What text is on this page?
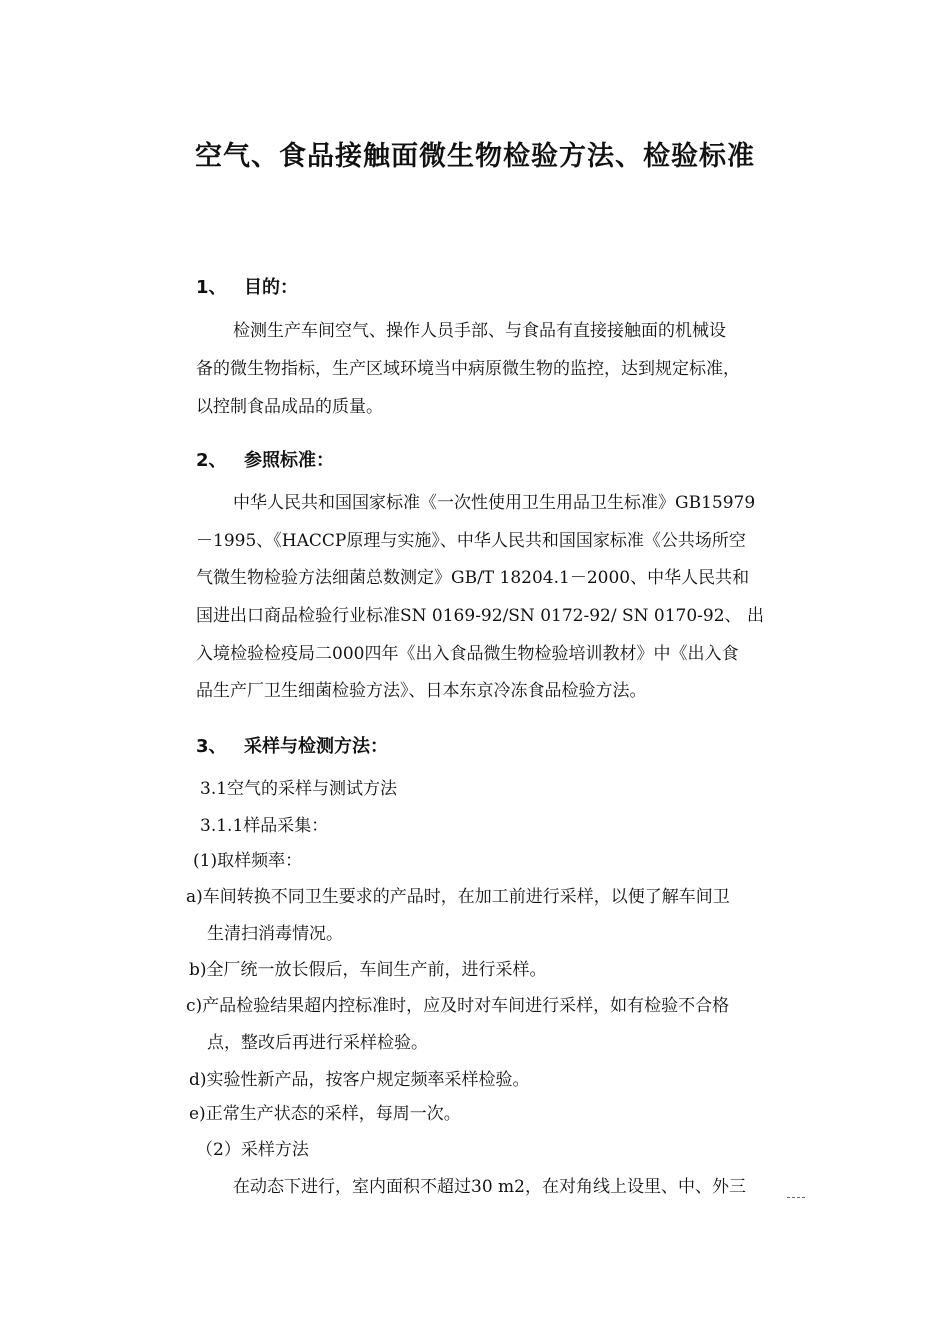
空气、食品接触面微生物检验方法、检验标准
1、 目的：
检测生产车间空气、操作人员手部、与食品有直接接触面的机械设
备的微生物指标，生产区域环境当中病原微生物的监控，达到规定标准，
以控制食品成品的质量。
2、 参照标准：
中华人民共和国国家标准《一次性使用卫生用品卫生标准》GB15979
－1995、《HACCP原理与实施》、中华人民共和国国家标准《公共场所空
气微生物检验方法细菌总数测定》GB/T 18204.1－2000、中华人民共和
国进出口商品检验行业标准SN 0169-92/SN 0172-92/ SN 0170-92、 出
入境检验检疫局二000四年《出入食品微生物检验培训教材》中《出入食
品生产厂卫生细菌检验方法》、日本东京冷冻食品检验方法。
3、 采样与检测方法：
3.1空气的采样与测试方法
3.1.1样品采集：
(1)取样频率：
a)车间转换不同卫生要求的产品时，在加工前进行采样，以便了解车间卫
生清扫消毒情况。
b)全厂统一放长假后，车间生产前，进行采样。
c)产品检验结果超内控标准时，应及时对车间进行采样，如有检验不合格
点，整改后再进行采样检验。
d)实验性新产品，按客户规定频率采样检验。
e)正常生产状态的采样，每周一次。
（2）采样方法
在动态下进行，室内面积不超过30 m2，在对角线上设里、中、外三
